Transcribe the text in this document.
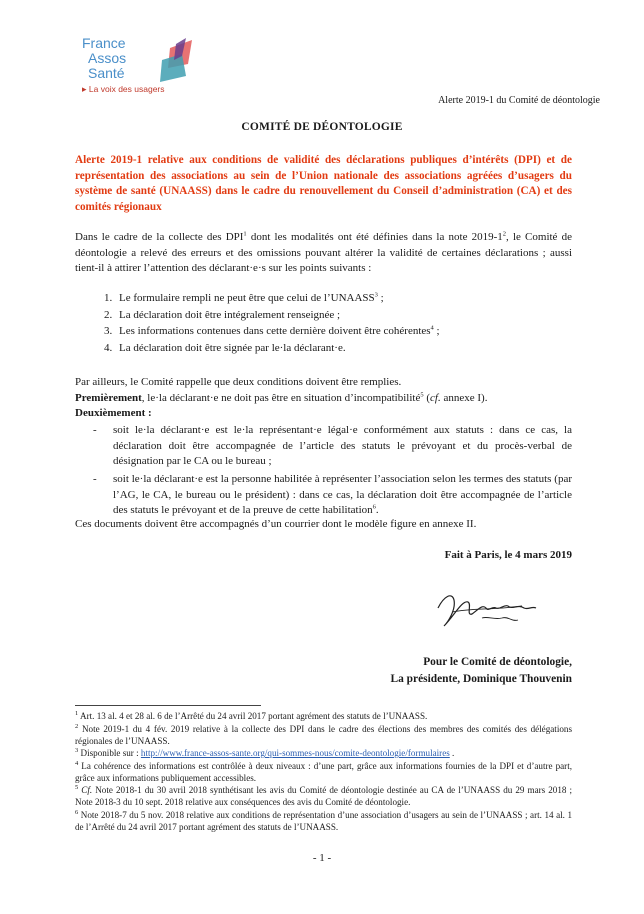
France
Assos
Santé
▸ La voix des usagers
Alerte 2019-1 du Comité de déontologie
COMITÉ DE DÉONTOLOGIE
Alerte 2019-1 relative aux conditions de validité des déclarations publiques d’intérêts (DPI) et de représentation des associations au sein de l’Union nationale des associations agréées d’usagers du système de santé (UNAASS) dans le cadre du renouvellement du Conseil d’administration (CA) et des comités régionaux
Dans le cadre de la collecte des DPI$^1$ dont les modalités ont été définies dans la note $2019-1^2$, le Comité de déontologie a relevé des erreurs et des omissions pouvant altérer la validité de certaines déclarations ; aussi tient-il à attirer l’attention des déclarant·e·s sur les points suivants :
1. Le formulaire rempli ne peut être que celui de l’UNAASS$^3$ ;
2. La déclaration doit être intégralement renseignée ;
3. Les informations contenues dans cette dernière doivent être cohérentes$^4$ ;
4. La déclaration doit être signée par le·la déclarant·e.
Par ailleurs, le Comité rappelle que deux conditions doivent être remplies.
Premièrement, le·la déclarant·e ne doit pas être en situation d’incompatibilité$^5$ (cf. annexe I).
Deuxièmement :
- soit le·la déclarant·e est le·la représentant·e légal·e conformément aux statuts : dans ce cas, la déclaration doit être accompagnée de l’article des statuts le prévoyant et du procès-verbal de désignation par le CA ou le bureau ;
- soit le·la déclarant·e est la personne habilitée à représenter l’association selon les termes des statuts (par l’AG, le CA, le bureau ou le président) : dans ce cas, la déclaration doit être accompagnée de l’article des statuts le prévoyant et de la preuve de cette habilitation$^6$.
Ces documents doivent être accompagnés d’un courrier dont le modèle figure en annexe II.
Fait à Paris, le 4 mars 2019
Pour le Comité de déontologie,
La présidente, Dominique Thouvenin
$^1$ Art. 13 al. 4 et 28 al. 6 de l’Arrêté du 24 avril 2017 portant agrément des statuts de l’UNAASS.
$^2$ Note 2019-1 du 4 fév. 2019 relative à la collecte des DPI dans le cadre des élections des membres des comités des délégations régionales de l’UNAASS.
$^3$ Disponible sur : http://www.france-assos-sante.org/qui-sommes-nous/comite-deontologie/formulaires .
$^4$ La cohérence des informations est contrôlée à deux niveaux : d’une part, grâce aux informations fournies de la DPI et d’autre part, grâce aux informations publiquement accessibles.
$^5$ Cf. Note 2018-1 du 30 avril 2018 synthétisant les avis du Comité de déontologie destinée au CA de l’UNAASS du 29 mars 2018 ; Note 2018-3 du 10 sept. 2018 relative aux conséquences des avis du Comité de déontologie.
$^6$ Note 2018-7 du 5 nov. 2018 relative aux conditions de représentation d’une association d’usagers au sein de l’UNAASS ; art. 14 al. 1 de l’Arrêté du 24 avril 2017 portant agrément des statuts de l’UNAASS.
- 1 -
